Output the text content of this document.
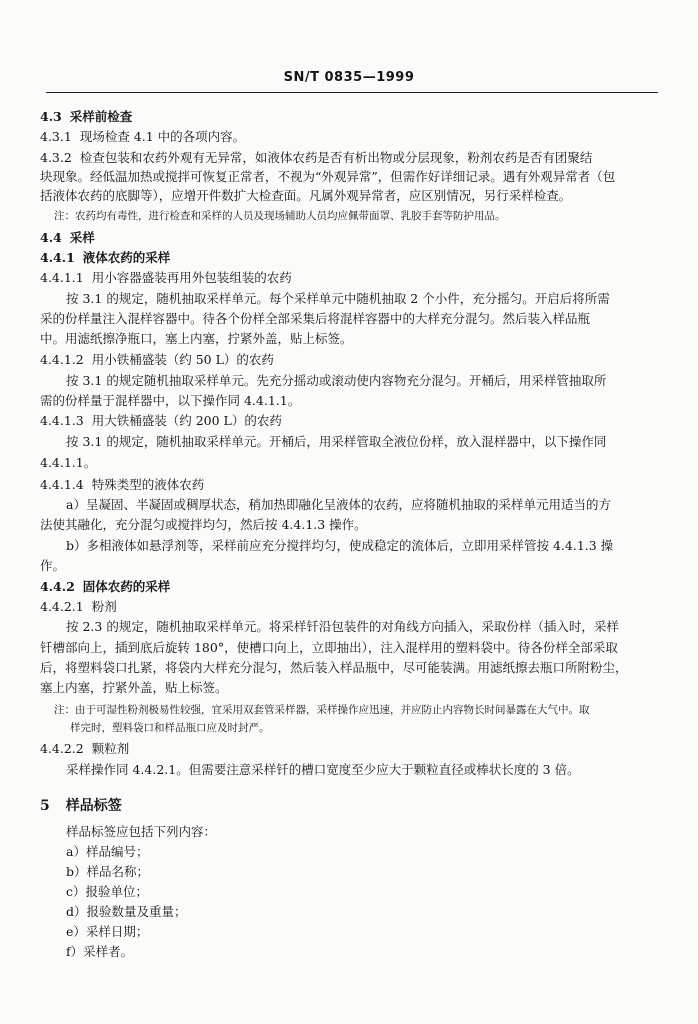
SN/T 0835—1999
4.3 采样前检查
4.3.1 现场检查 4.1 中的各项内容。
4.3.2 检查包装和农药外观有无异常，如液体农药是否有析出物或分层现象，粉剂农药是否有团聚结
块现象。经低温加热或搅拌可恢复正常者，不视为“外观异常”，但需作好详细记录。遇有外观异常者（包
括液体农药的底脚等），应增开件数扩大检查面。凡属外观异常者，应区别情况，另行采样检查。
注：农药均有毒性，进行检查和采样的人员及现场辅助人员均应佩带面罩、乳胶手套等防护用品。
4.4 采样
4.4.1 液体农药的采样
4.4.1.1 用小容器盛装再用外包装组装的农药
按 3.1 的规定，随机抽取采样单元。每个采样单元中随机抽取 2 个小件，充分摇匀。开启后将所需
采的份样量注入混样容器中。待各个份样全部采集后将混样容器中的大样充分混匀。然后装入样品瓶
中。用滤纸擦净瓶口，塞上内塞，拧紧外盖，贴上标签。
4.4.1.2 用小铁桶盛装（约 50 L）的农药
按 3.1 的规定随机抽取采样单元。先充分摇动或滚动使内容物充分混匀。开桶后，用采样管抽取所
需的份样量于混样器中，以下操作同 4.4.1.1。
4.4.1.3 用大铁桶盛装（约 200 L）的农药
按 3.1 的规定，随机抽取采样单元。开桶后，用采样管取全液位份样，放入混样器中，以下操作同
4.4.1.1。
4.4.1.4 特殊类型的液体农药
a）呈凝固、半凝固或稠厚状态，稍加热即融化呈液体的农药，应将随机抽取的采样单元用适当的方
法使其融化，充分混匀或搅拌均匀，然后按 4.4.1.3 操作。
b）多相液体如悬浮剂等，采样前应充分搅拌均匀，使成稳定的流体后，立即用采样管按 4.4.1.3 操
作。
4.4.2 固体农药的采样
4.4.2.1 粉剂
按 2.3 的规定，随机抽取采样单元。将采样钎沿包装件的对角线方向插入，采取份样（插入时，采样
钎槽部向上，插到底后旋转 180°，使槽口向上，立即抽出），注入混样用的塑料袋中。待各份样全部采取
后，将塑料袋口扎紧，将袋内大样充分混匀，然后装入样品瓶中，尽可能装满。用滤纸擦去瓶口所附粉尘，
塞上内塞，拧紧外盖，贴上标签。
注：由于可湿性粉剂极易性较强，宜采用双套管采样器，采样操作应迅速，并应防止内容物长时间暴露在大气中。取
样完时，塑料袋口和样品瓶口应及时封严。
4.4.2.2 颗粒剂
采样操作同 4.4.2.1。但需要注意采样钎的槽口宽度至少应大于颗粒直径或棒状长度的 3 倍。
5 样品标签
样品标签应包括下列内容：
a）样品编号；
b）样品名称；
c）报验单位；
d）报验数量及重量；
e）采样日期；
f）采样者。
